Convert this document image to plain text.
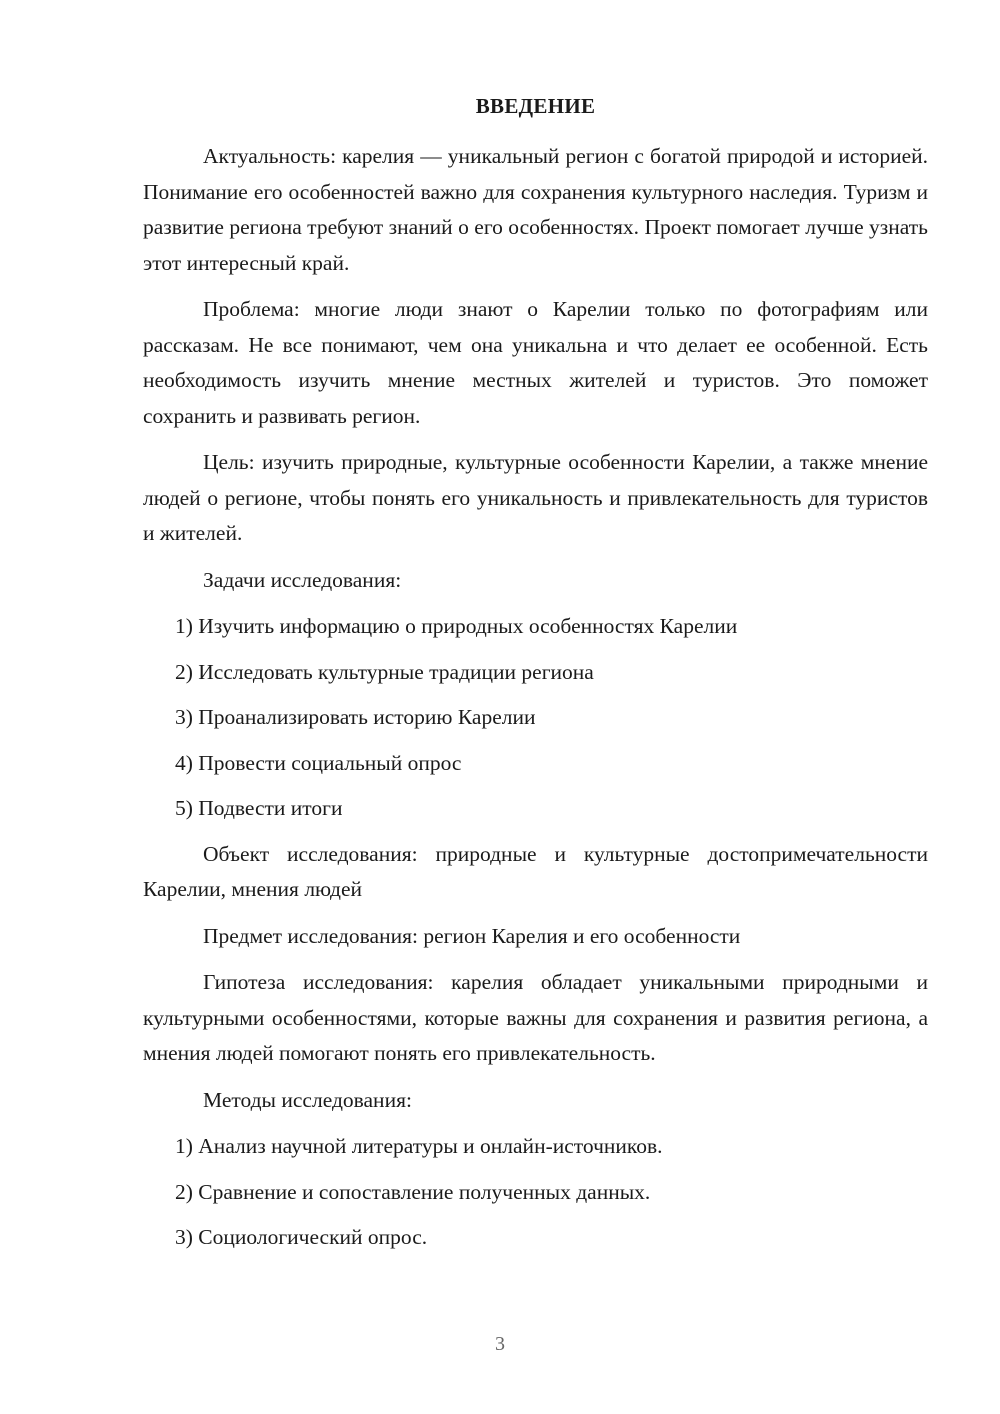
ВВЕДЕНИЕ

Актуальность: карелия — уникальный регион с богатой природой и историей. Понимание его особенностей важно для сохранения культурного наследия. Туризм и развитие региона требуют знаний о его особенностях. Проект помогает лучше узнать этот интересный край.

Проблема: многие люди знают о Карелии только по фотографиям или рассказам. Не все понимают, чем она уникальна и что делает ее особенной. Есть необходимость изучить мнение местных жителей и туристов. Это поможет сохранить и развивать регион.

Цель: изучить природные, культурные особенности Карелии, а также мнение людей о регионе, чтобы понять его уникальность и привлекательность для туристов и жителей.

Задачи исследования:

1) Изучить информацию о природных особенностях Карелии

2) Исследовать культурные традиции региона

3) Проанализировать историю Карелии

4) Провести социальный опрос

5) Подвести итоги

Объект исследования: природные и культурные достопримечательности Карелии, мнения людей

Предмет исследования: регион Карелия и его особенности

Гипотеза исследования: карелия обладает уникальными природными и культурными особенностями, которые важны для сохранения и развития региона, а мнения людей помогают понять его привлекательность.

Методы исследования:

1) Анализ научной литературы и онлайн-источников.

2) Сравнение и сопоставление полученных данных.

3) Социологический опрос.

3
